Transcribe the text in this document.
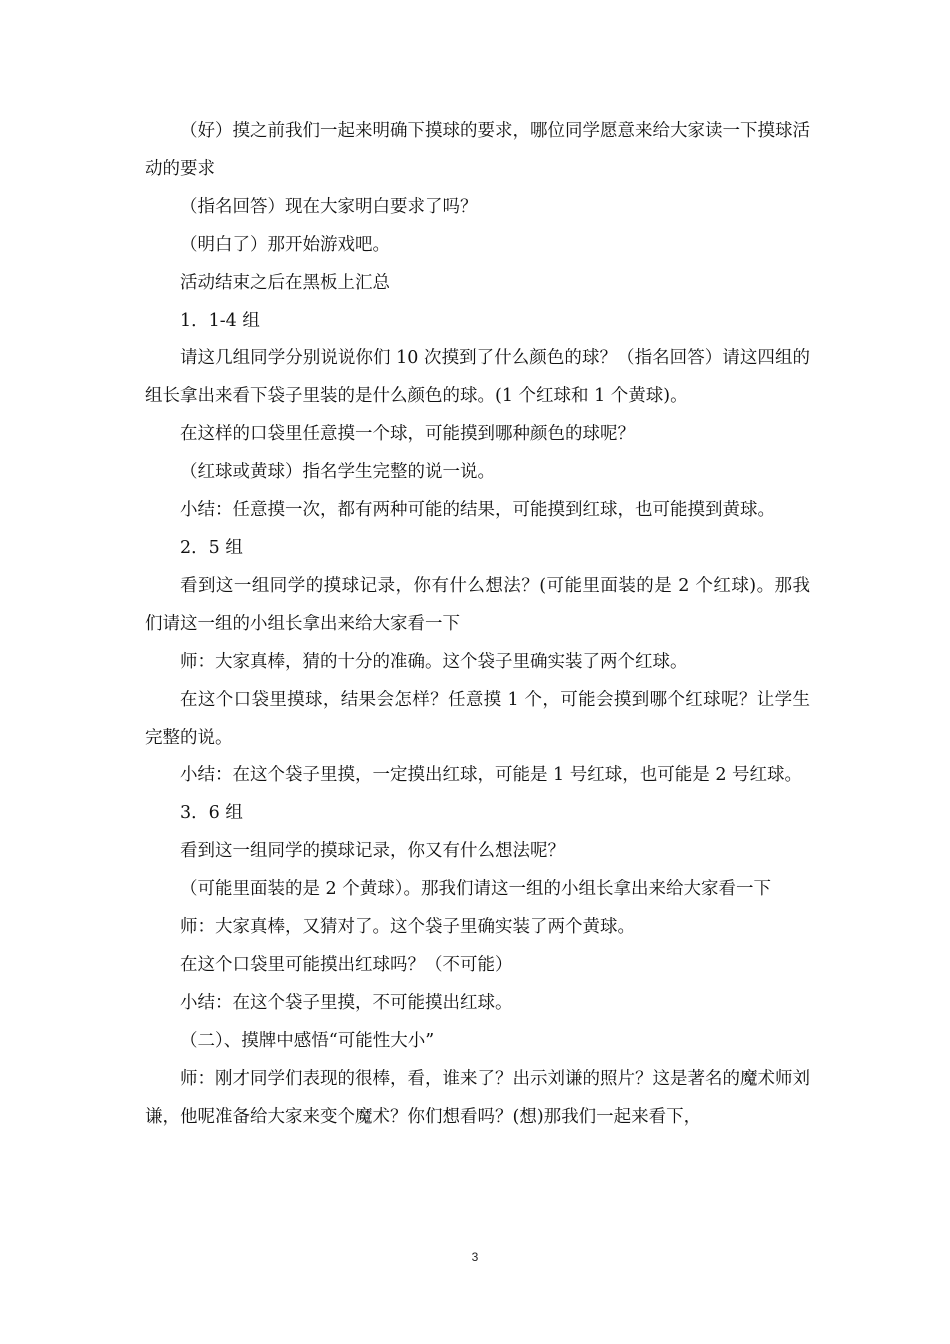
（好）摸之前我们一起来明确下摸球的要求，哪位同学愿意来给大家读一下摸球活动的要求

（指名回答）现在大家明白要求了吗？

（明白了）那开始游戏吧。

活动结束之后在黑板上汇总

1．1-4 组

请这几组同学分别说说你们 10 次摸到了什么颜色的球？（指名回答）请这四组的组长拿出来看下袋子里装的是什么颜色的球。(1 个红球和 1 个黄球)。

在这样的口袋里任意摸一个球，可能摸到哪种颜色的球呢？

（红球或黄球）指名学生完整的说一说。

小结：任意摸一次，都有两种可能的结果，可能摸到红球，也可能摸到黄球。

2．5 组

看到这一组同学的摸球记录，你有什么想法？(可能里面装的是 2 个红球)。那我们请这一组的小组长拿出来给大家看一下

师：大家真棒，猜的十分的准确。这个袋子里确实装了两个红球。

在这个口袋里摸球，结果会怎样？任意摸 1 个，可能会摸到哪个红球呢？让学生完整的说。

小结：在这个袋子里摸，一定摸出红球，可能是 1 号红球，也可能是 2 号红球。

3．6 组

看到这一组同学的摸球记录，你又有什么想法呢？

（可能里面装的是 2 个黄球）。那我们请这一组的小组长拿出来给大家看一下

师：大家真棒，又猜对了。这个袋子里确实装了两个黄球。

在这个口袋里可能摸出红球吗？（不可能）

小结：在这个袋子里摸，不可能摸出红球。

（二）、摸牌中感悟“可能性大小”

师：刚才同学们表现的很棒，看，谁来了？出示刘谦的照片？这是著名的魔术师刘谦，他呢准备给大家来变个魔术？你们想看吗？(想)那我们一起来看下，

3
